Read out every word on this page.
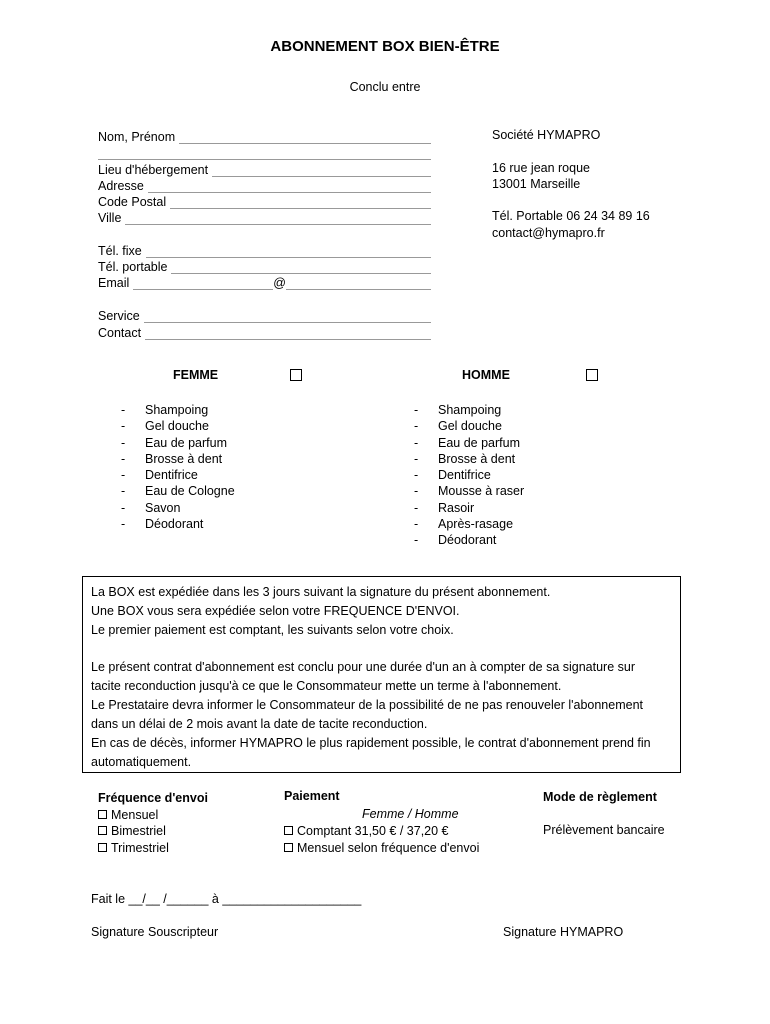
ABONNEMENT BOX BIEN-ÊTRE
Conclu entre
Nom, Prénom
Lieu d'hébergement
Adresse
Code Postal
Ville
Tél. fixe
Tél. portable
Email	@
Service
Contact
Société HYMAPRO
16 rue jean roque
13001 Marseille
Tél. Portable 06 24 34 89 16
contact@hymapro.fr
FEMME	HOMME
- Shampoing
- Gel douche
- Eau de parfum
- Brosse à dent
- Dentifrice
- Eau de Cologne
- Savon
- Déodorant
- Shampoing
- Gel douche
- Eau de parfum
- Brosse à dent
- Dentifrice
- Mousse à raser
- Rasoir
- Après-rasage
- Déodorant

La BOX est expédiée dans les 3 jours suivant la signature du présent abonnement.

Une BOX vous sera expédiée selon votre FREQUENCE D'ENVOI.

Le premier paiement est comptant, les suivants selon votre choix.

Le présent contrat d'abonnement est conclu pour une durée d'un an à compter de sa signature sur

tacite reconduction jusqu'à ce que le Consommateur mette un terme à l'abonnement.

Le Prestataire devra informer le Consommateur de la possibilité de ne pas renouveler l'abonnement

dans un délai de 2 mois avant la date de tacite reconduction.

En cas de décès, informer HYMAPRO le plus rapidement possible, le contrat d'abonnement prend fin

automatiquement.

Fréquence d'envoi
Mensuel
Bimestriel
Trimestriel
Paiement
Femme / Homme
Comptant 31,50 € / 37,20 €
Mensuel selon fréquence d'envoi
Mode de règlement
Prélèvement bancaire
Fait le __/__ /______ à ____________________
Signature Souscripteur	Signature HYMAPRO
